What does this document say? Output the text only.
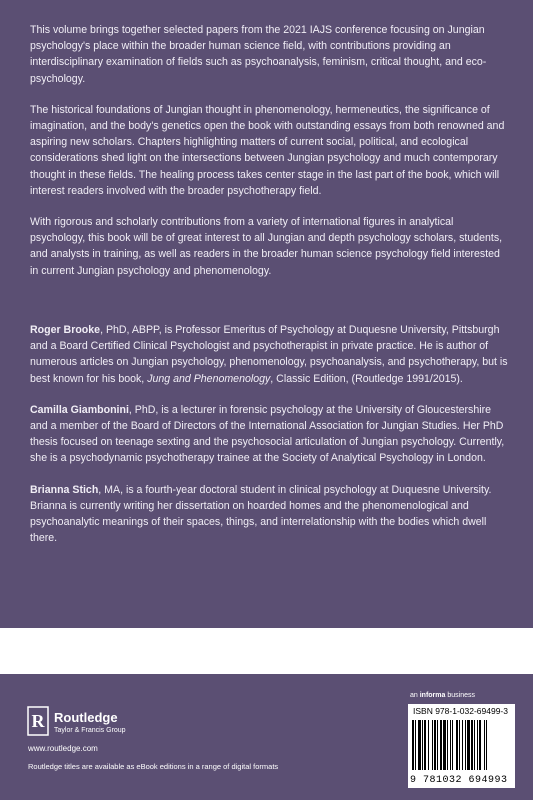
This volume brings together selected papers from the 2021 IAJS conference focusing on Jungian psychology's place within the broader human science field, with contributions providing an interdisciplinary examination of fields such as psychoanalysis, feminism, critical thought, and eco-psychology.

The historical foundations of Jungian thought in phenomenology, hermeneutics, the significance of imagination, and the body's genetics open the book with outstanding essays from both renowned and aspiring new scholars. Chapters highlighting matters of current social, political, and ecological considerations shed light on the intersections between Jungian psychology and much contemporary thought in these fields. The healing process takes center stage in the last part of the book, which will interest readers involved with the broader psychotherapy field.

With rigorous and scholarly contributions from a variety of international figures in analytical psychology, this book will be of great interest to all Jungian and depth psychology scholars, students, and analysts in training, as well as readers in the broader human science psychology field interested in current Jungian psychology and phenomenology.

Roger Brooke, PhD, ABPP, is Professor Emeritus of Psychology at Duquesne University, Pittsburgh and a Board Certified Clinical Psychologist and psychotherapist in private practice. He is author of numerous articles on Jungian psychology, phenomenology, psychoanalysis, and psychotherapy, but is best known for his book, Jung and Phenomenology, Classic Edition, (Routledge 1991/2015).

Camilla Giambonini, PhD, is a lecturer in forensic psychology at the University of Gloucestershire and a member of the Board of Directors of the International Association for Jungian Studies. Her PhD thesis focused on teenage sexting and the psychosocial articulation of Jungian psychology. Currently, she is a psychodynamic psychotherapy trainee at the Society of Analytical Psychology in London.

Brianna Stich, MA, is a fourth-year doctoral student in clinical psychology at Duquesne University. Brianna is currently writing her dissertation on hoarded homes and the phenomenological and psychoanalytic meanings of their spaces, things, and interrelationship with the bodies which dwell there.

R Routledge
Taylor & Francis Group
www.routledge.com
Routledge titles are available as eBook editions in a range of digital formats
an informa business
ISBN 978-1-032-69499-3
9 781032 694993
